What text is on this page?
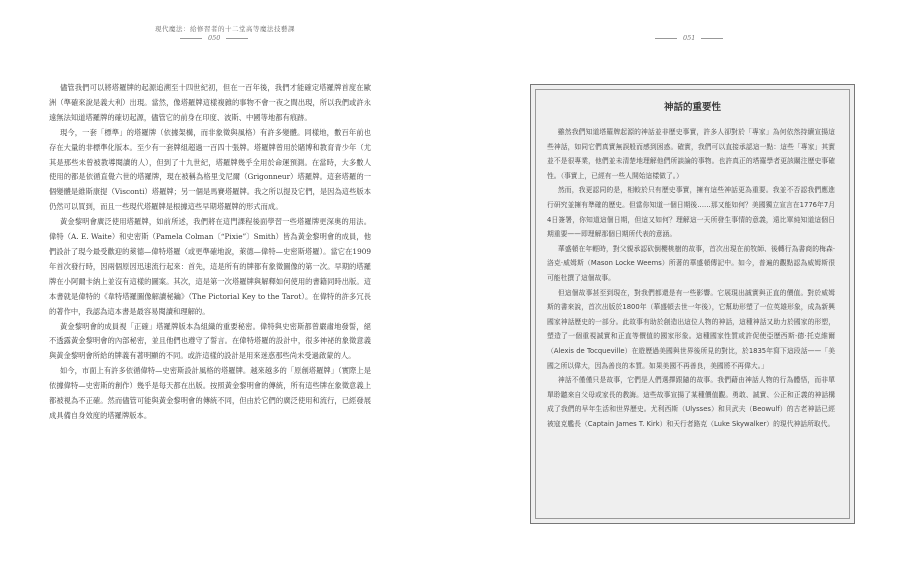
現代魔法：給修習者的十二堂高等魔法技藝課
050

儘管我們可以將塔羅牌的起源追溯至十四世紀初，但在一百年後，我們才能確定塔羅牌首度在歐洲（準確來說是義大利）出現。當然，像塔羅牌這樣複雜的事物不會一夜之間出現，所以我們或許永遠無法知道塔羅牌的確切起源，儘管它的前身在印度、波斯、中國等地都有痕跡。

現今，一套「標準」的塔羅牌（依據架構，而非象徵與風格）有許多變體。同樣地，數百年前也存在大量的非標準化版本。至少有一套牌組超過一百四十張牌。塔羅牌曾用於賭博和教育青少年（尤其是那些未曾被教導閱讀的人），但到了十九世紀，塔羅牌幾乎全用於命運預測。在當時，大多數人使用的都是依循直覺六世的塔羅牌，現在被稱為格里戈尼爾（Grigonneur）塔羅牌。這套塔羅的一個變體是維斯康提（Visconti）塔羅牌；另一個是馬賽塔羅牌。我之所以提及它們，是因為這些版本仍然可以買到，而且一些現代塔羅牌是根據這些早期塔羅牌的形式而成。

黃金黎明會廣泛使用塔羅牌，如前所述，我們將在這門課程後面學習一些塔羅牌更深奧的用法。偉特（A. E. Waite）和史密斯（Pamela Colman〔“Pixie”〕Smith）皆為黃金黎明會的成員，他們設計了現今最受歡迎的萊德—偉特塔羅（或更準確地說，萊德—偉特—史密斯塔羅）。當它在1909年首次發行時，因兩個原因迅速流行起來：首先，這是所有的牌都有象徵圖像的第一次。早期的塔羅牌在小阿爾卡納上並沒有這樣的圖案。其次，這是第一次塔羅牌與解釋如何使用的書籍同時出版。這本書就是偉特的《韋特塔羅圖像解讀秘鑰》（The Pictorial Key to the Tarot）。在偉特的許多冗長的著作中，我認為這本書是最容易閱讀和理解的。

黃金黎明會的成員視「正確」塔羅牌版本為組織的重要秘密。偉特與史密斯都曾嚴肅地發誓，絕不透露黃金黎明會的內部秘密，並且他們也遵守了誓言。在偉特塔羅的設計中，很多神祕的象徵意義與黃金黎明會所給的牌義有著明顯的不同。或許這樣的設計是用來迷惑那些尚未受過啟蒙的人。

如今，市面上有許多依循偉特—史密斯設計風格的塔羅牌。越來越多的「原創塔羅牌」（實際上是依據偉特—史密斯的創作）幾乎是每天都在出版。按照黃金黎明會的傳統，所有這些牌在象徵意義上都被視為不正確。然而儘管可能與黃金黎明會的傳統不同，但由於它們的廣泛使用和流行，已經發展成具備自身效度的塔羅牌版本。

051
神話的重要性

雖然我們知道塔羅牌起源的神話並非歷史事實，許多人卻對於「專家」為何依然持續宣揚這些神話，如同它們真實無誤般而感到困惑。確實，我們可以直接承認這一點：這些「專家」其實並不是很專業，他們並未清楚地理解他們所談論的事物。也許真正的塔羅學者更該關注歷史事確性。（事實上，已經有一些人開始這樣做了。）

然而，我更認同的是，相較於只有歷史事實，擁有這些神話更為重要。我並不否認我們應進行研究並擁有準確的歷史。但當你知道一個日期後……那又能如何？美國獨立宣言在1776年7月4日簽署，你知道這個日期，但這又如何？理解這一天所發生事情的意義，遠比單純知道這個日期重要——即理解那個日期所代表的意涵。

華盛頓在年輕時，對父親承認砍倒櫻桃樹的故事，首次出現在前牧師、後轉行為書商的梅森‧洛克‧威姆斯（Mason Locke Weems）所著的華盛頓傳記中。如今，普遍的觀點認為威姆斯很可能杜撰了這個故事。

但這個故事甚至到現在，對我們都還是有一些影響。它展現出誠實與正直的價值。對於威姆斯的書來說，首次出版於1800年（華盛頓去世一年後），它幫助形塑了一位英雄形象，成為新興國家神話歷史的一部分。此故事有助於創造出這位人物的神話，這種神話又助力於國家的形塑，塑造了一個重視誠實和正直等價值的國家形象。這種國家性質或許促使亞歷西斯‧德‧托克維爾（Alexis de Tocqueville）在遊歷過美國與世界後所見的對比，於1835年寫下這段話——「美國之所以偉大，因為善良的本質。如果美國不再善良，美國將不再偉大。」

神話不僅僅只是故事，它們是人們選擇跟隨的故事。我們藉由神話人物的行為體悟，而非單單聆聽來自父母或家長的教誨。這些故事宣揚了某種價值觀。勇敢、誠實、公正和正義的神話構成了我們的早年生活和世界歷史。尤利西斯（Ulysses）和貝武夫（Beowulf）的古老神話已經被寇克艦長（Captain James T. Kirk）和天行者路克（Luke Skywalker）的現代神話所取代。
